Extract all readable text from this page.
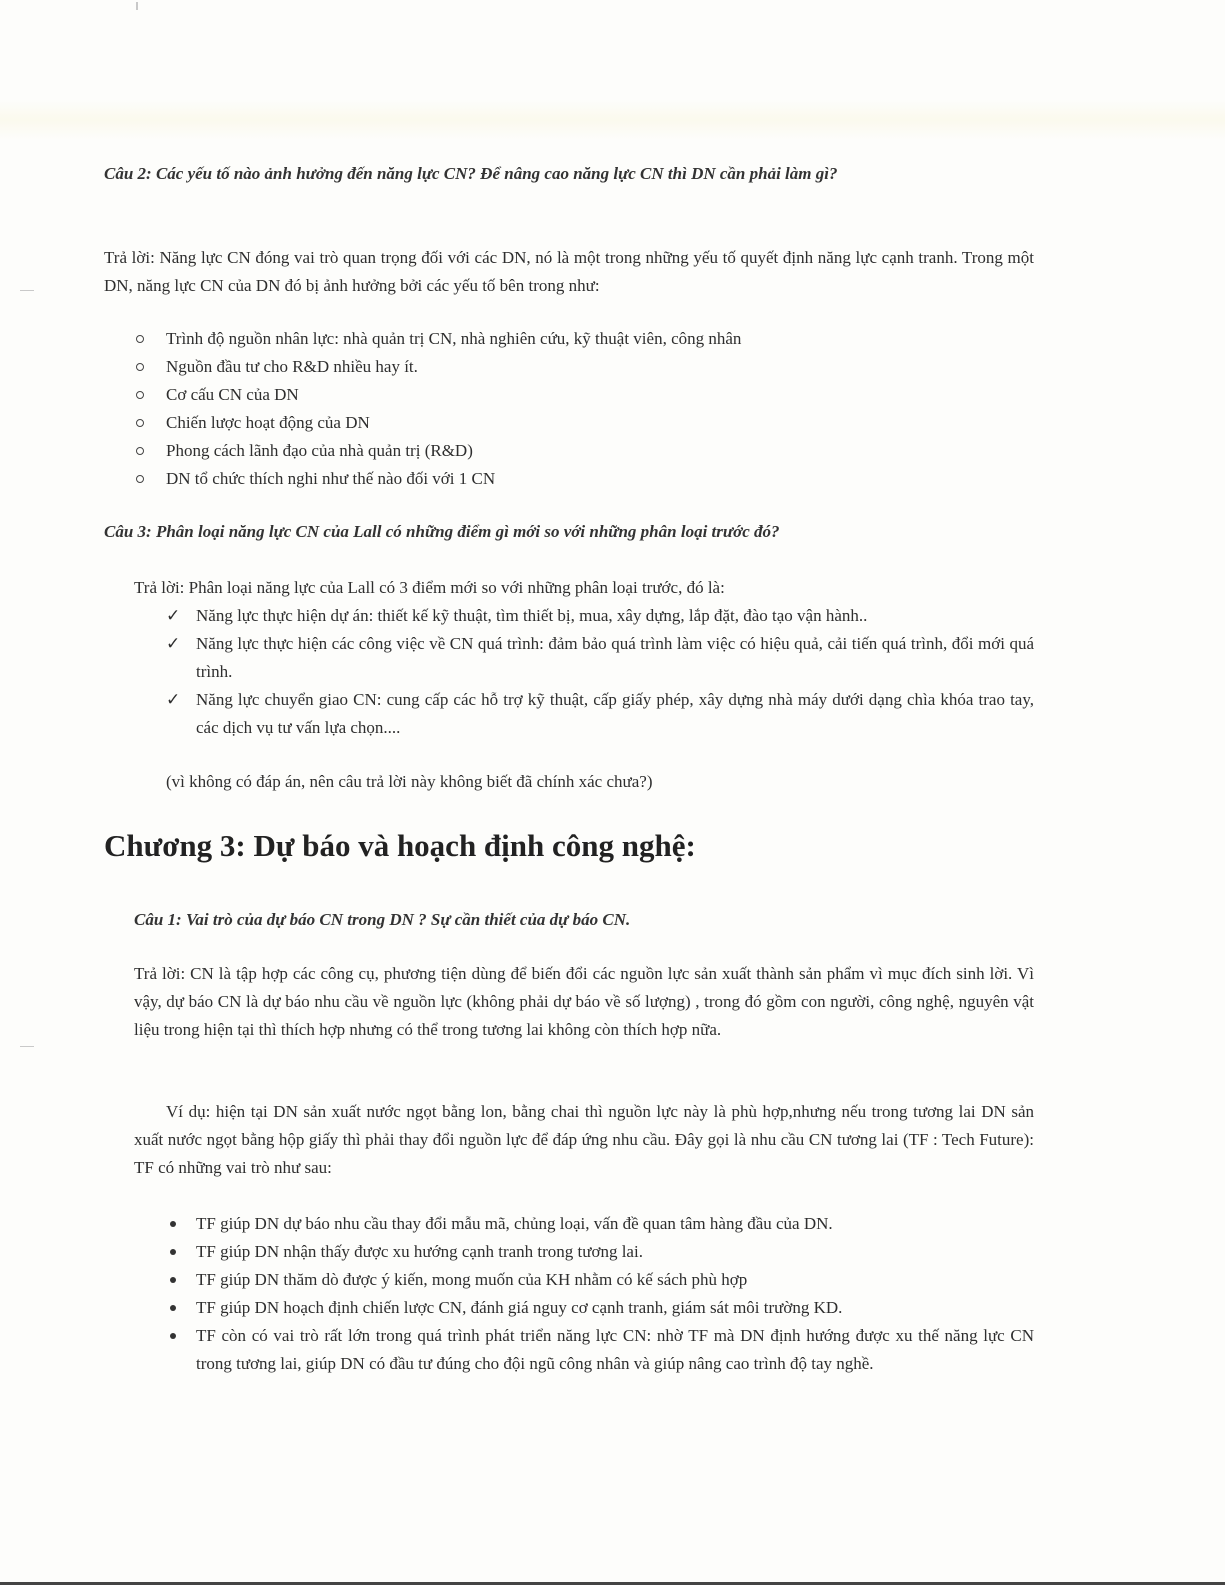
Câu 2: Các yếu tố nào ảnh hưởng đến năng lực CN? Để nâng cao năng lực CN thì DN cần phải làm gì?
Trả lời: Năng lực CN đóng vai trò quan trọng đối với các DN, nó là một trong những yếu tố quyết định năng lực cạnh tranh. Trong một DN, năng lực CN của DN đó bị ảnh hưởng bởi các yếu tố bên trong như:
Trình độ nguồn nhân lực: nhà quản trị CN, nhà nghiên cứu, kỹ thuật viên, công nhân
Nguồn đầu tư cho R&D nhiều hay ít.
Cơ cấu CN của DN
Chiến lược hoạt động của DN
Phong cách lãnh đạo của nhà quản trị (R&D)
DN tổ chức thích nghi như thế nào đối với 1 CN
Câu 3: Phân loại năng lực CN của Lall có những điểm gì mới so với những phân loại trước đó?
Trả lời: Phân loại năng lực của Lall có 3 điểm mới so với những phân loại trước, đó là:
✓ Năng lực thực hiện dự án: thiết kế kỹ thuật, tìm thiết bị, mua, xây dựng, lắp đặt, đào tạo vận hành..
✓ Năng lực thực hiện các công việc về CN quá trình: đảm bảo quá trình làm việc có hiệu quả, cải tiến quá trình, đổi mới quá trình.
✓ Năng lực chuyển giao CN: cung cấp các hỗ trợ kỹ thuật, cấp giấy phép, xây dựng nhà máy dưới dạng chìa khóa trao tay, các dịch vụ tư vấn lựa chọn....
(vì không có đáp án, nên câu trả lời này không biết đã chính xác chưa?)
Chương 3: Dự báo và hoạch định công nghệ:
Câu 1: Vai trò của dự báo CN trong DN ? Sự cần thiết của dự báo CN.
Trả lời: CN là tập hợp các công cụ, phương tiện dùng để biến đổi các nguồn lực sản xuất thành sản phẩm vì mục đích sinh lời. Vì vậy, dự báo CN là dự báo nhu cầu về nguồn lực (không phải dự báo về số lượng) , trong đó gồm con người, công nghệ, nguyên vật liệu trong hiện tại thì thích hợp nhưng có thể trong tương lai không còn thích hợp nữa.
Ví dụ: hiện tại DN sản xuất nước ngọt bằng lon, bằng chai thì nguồn lực này là phù hợp,nhưng nếu trong tương lai DN sản xuất nước ngọt bằng hộp giấy thì phải thay đổi nguồn lực để đáp ứng nhu cầu. Đây gọi là nhu cầu CN tương lai (TF : Tech Future): TF có những vai trò như sau:
TF giúp DN dự báo nhu cầu thay đổi mẫu mã, chủng loại, vấn đề quan tâm hàng đầu của DN.
TF giúp DN nhận thấy được xu hướng cạnh tranh trong tương lai.
TF giúp DN thăm dò được ý kiến, mong muốn của KH nhằm có kế sách phù hợp
TF giúp DN hoạch định chiến lược CN, đánh giá nguy cơ cạnh tranh, giám sát môi trường KD.
TF còn có vai trò rất lớn trong quá trình phát triển năng lực CN: nhờ TF mà DN định hướng được xu thế năng lực CN trong tương lai, giúp DN có đầu tư đúng cho đội ngũ công nhân và giúp nâng cao trình độ tay nghề.
